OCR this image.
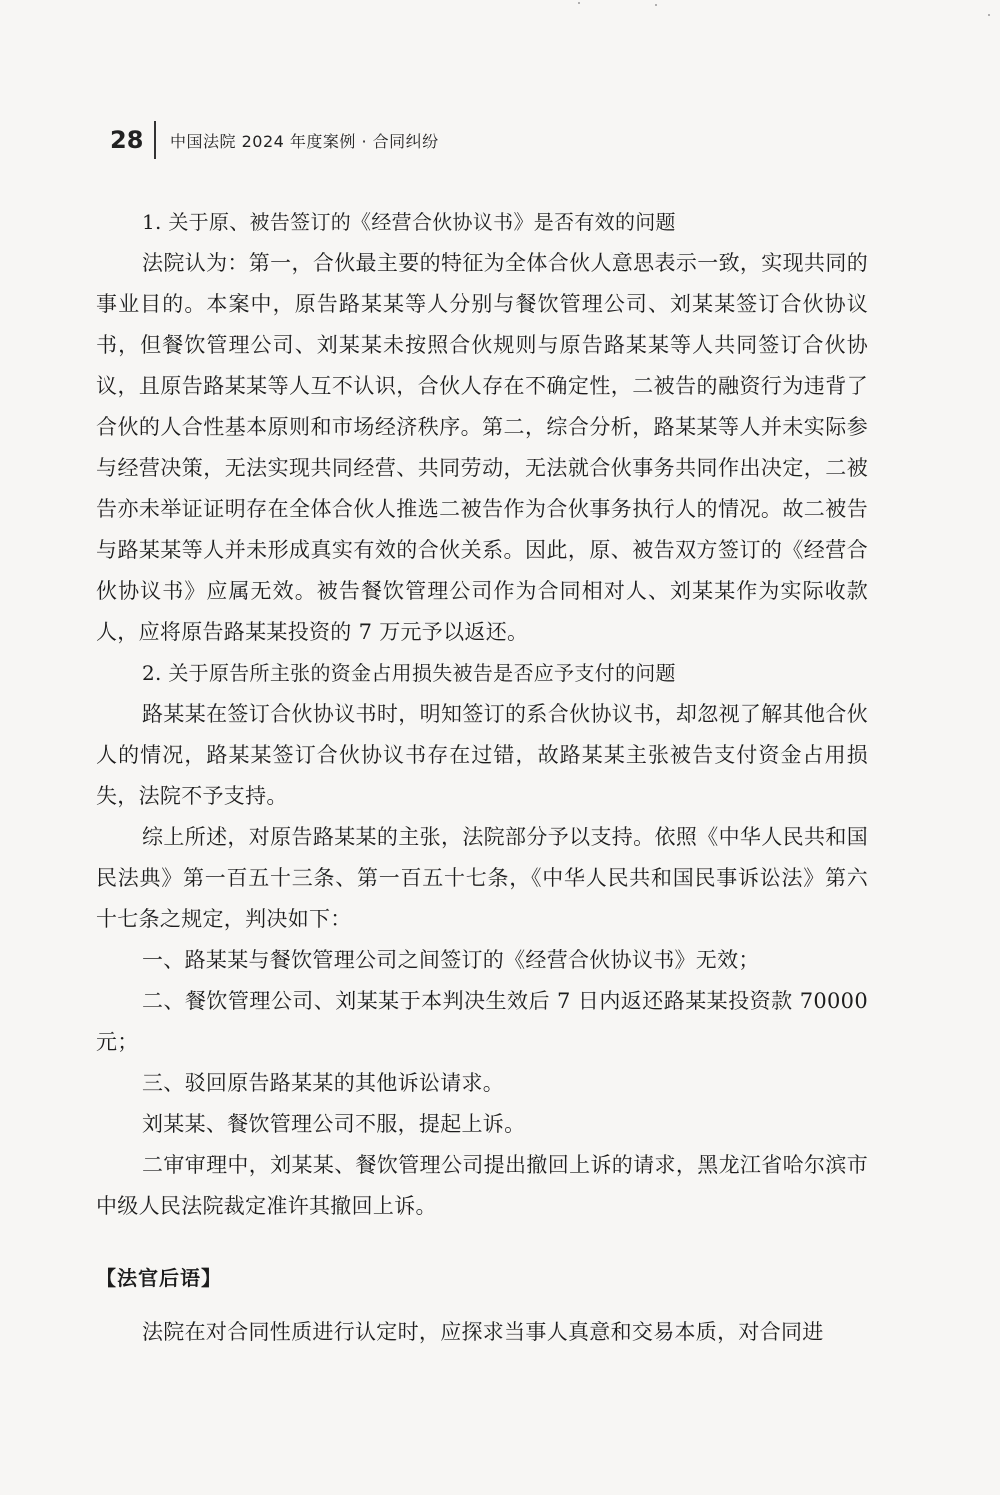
28 中国法院 2024 年度案例 · 合同纠纷

1. 关于原、被告签订的《经营合伙协议书》是否有效的问题

法院认为：第一，合伙最主要的特征为全体合伙人意思表示一致，实现共同的事业目的。本案中，原告路某某等人分别与餐饮管理公司、刘某某签订合伙协议书，但餐饮管理公司、刘某某未按照合伙规则与原告路某某等人共同签订合伙协议，且原告路某某等人互不认识，合伙人存在不确定性，二被告的融资行为违背了合伙的人合性基本原则和市场经济秩序。第二，综合分析，路某某等人并未实际参与经营决策，无法实现共同经营、共同劳动，无法就合伙事务共同作出决定，二被告亦未举证证明存在全体合伙人推选二被告作为合伙事务执行人的情况。故二被告与路某某等人并未形成真实有效的合伙关系。因此，原、被告双方签订的《经营合伙协议书》应属无效。被告餐饮管理公司作为合同相对人、刘某某作为实际收款人，应将原告路某某投资的 7 万元予以返还。

2. 关于原告所主张的资金占用损失被告是否应予支付的问题

路某某在签订合伙协议书时，明知签订的系合伙协议书，却忽视了解其他合伙人的情况，路某某签订合伙协议书存在过错，故路某某主张被告支付资金占用损失，法院不予支持。

综上所述，对原告路某某的主张，法院部分予以支持。依照《中华人民共和国民法典》第一百五十三条、第一百五十七条，《中华人民共和国民事诉讼法》第六十七条之规定，判决如下：

一、路某某与餐饮管理公司之间签订的《经营合伙协议书》无效；

二、餐饮管理公司、刘某某于本判决生效后 7 日内返还路某某投资款 70000 元；

三、驳回原告路某某的其他诉讼请求。

刘某某、餐饮管理公司不服，提起上诉。

二审审理中，刘某某、餐饮管理公司提出撤回上诉的请求，黑龙江省哈尔滨市中级人民法院裁定准许其撤回上诉。

【法官后语】

法院在对合同性质进行认定时，应探求当事人真意和交易本质，对合同进
